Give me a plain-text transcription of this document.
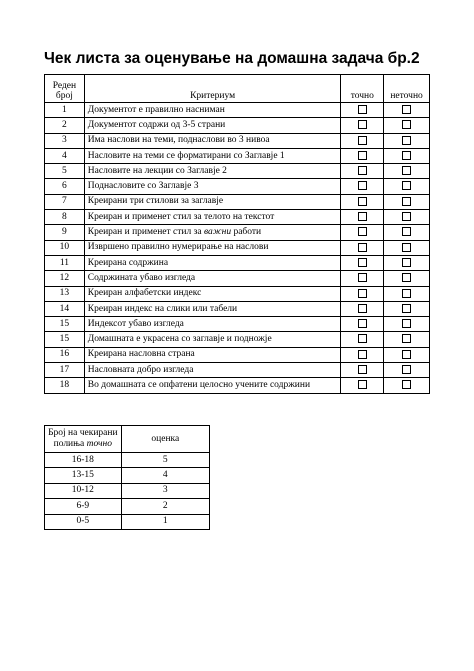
Чек листа за оценување на домашна задача бр.2
Реден
број	Критериум	точно	неточно
1	Документот е правилно наснимaн		
2	Документот содржи од 3-5 страни		
3	Има наслови на теми, поднаслови во 3 нивоа		
4	Насловите на теми се форматирани со Заглавје 1		
5	Насловите на лекции со Заглавје 2		
6	Поднасловите со Заглавје 3		
7	Креирани три стилови за заглавје		
8	Креиран и применет стил за телото на текстот		
9	Креиран и применет стил за важни работи		
10	Извршено правилно нумерирање на наслови		
11	Креирана содржина		
12	Содржината убаво изгледа		
13	Креиран алфабетски индекс		
14	Креиран индекс на слики или табели		
15	Индексот убаво изгледа		
15	Домашната е украсена со заглавје и подножје		
16	Креирана насловна страна		
17	Насловната добро изгледа		
18	Во домашната се опфатени целосно учените содржини		
Број на чекирани
полиња точно	оценка
16-18	5
13-15	4
10-12	3
6-9	2
0-5	1
